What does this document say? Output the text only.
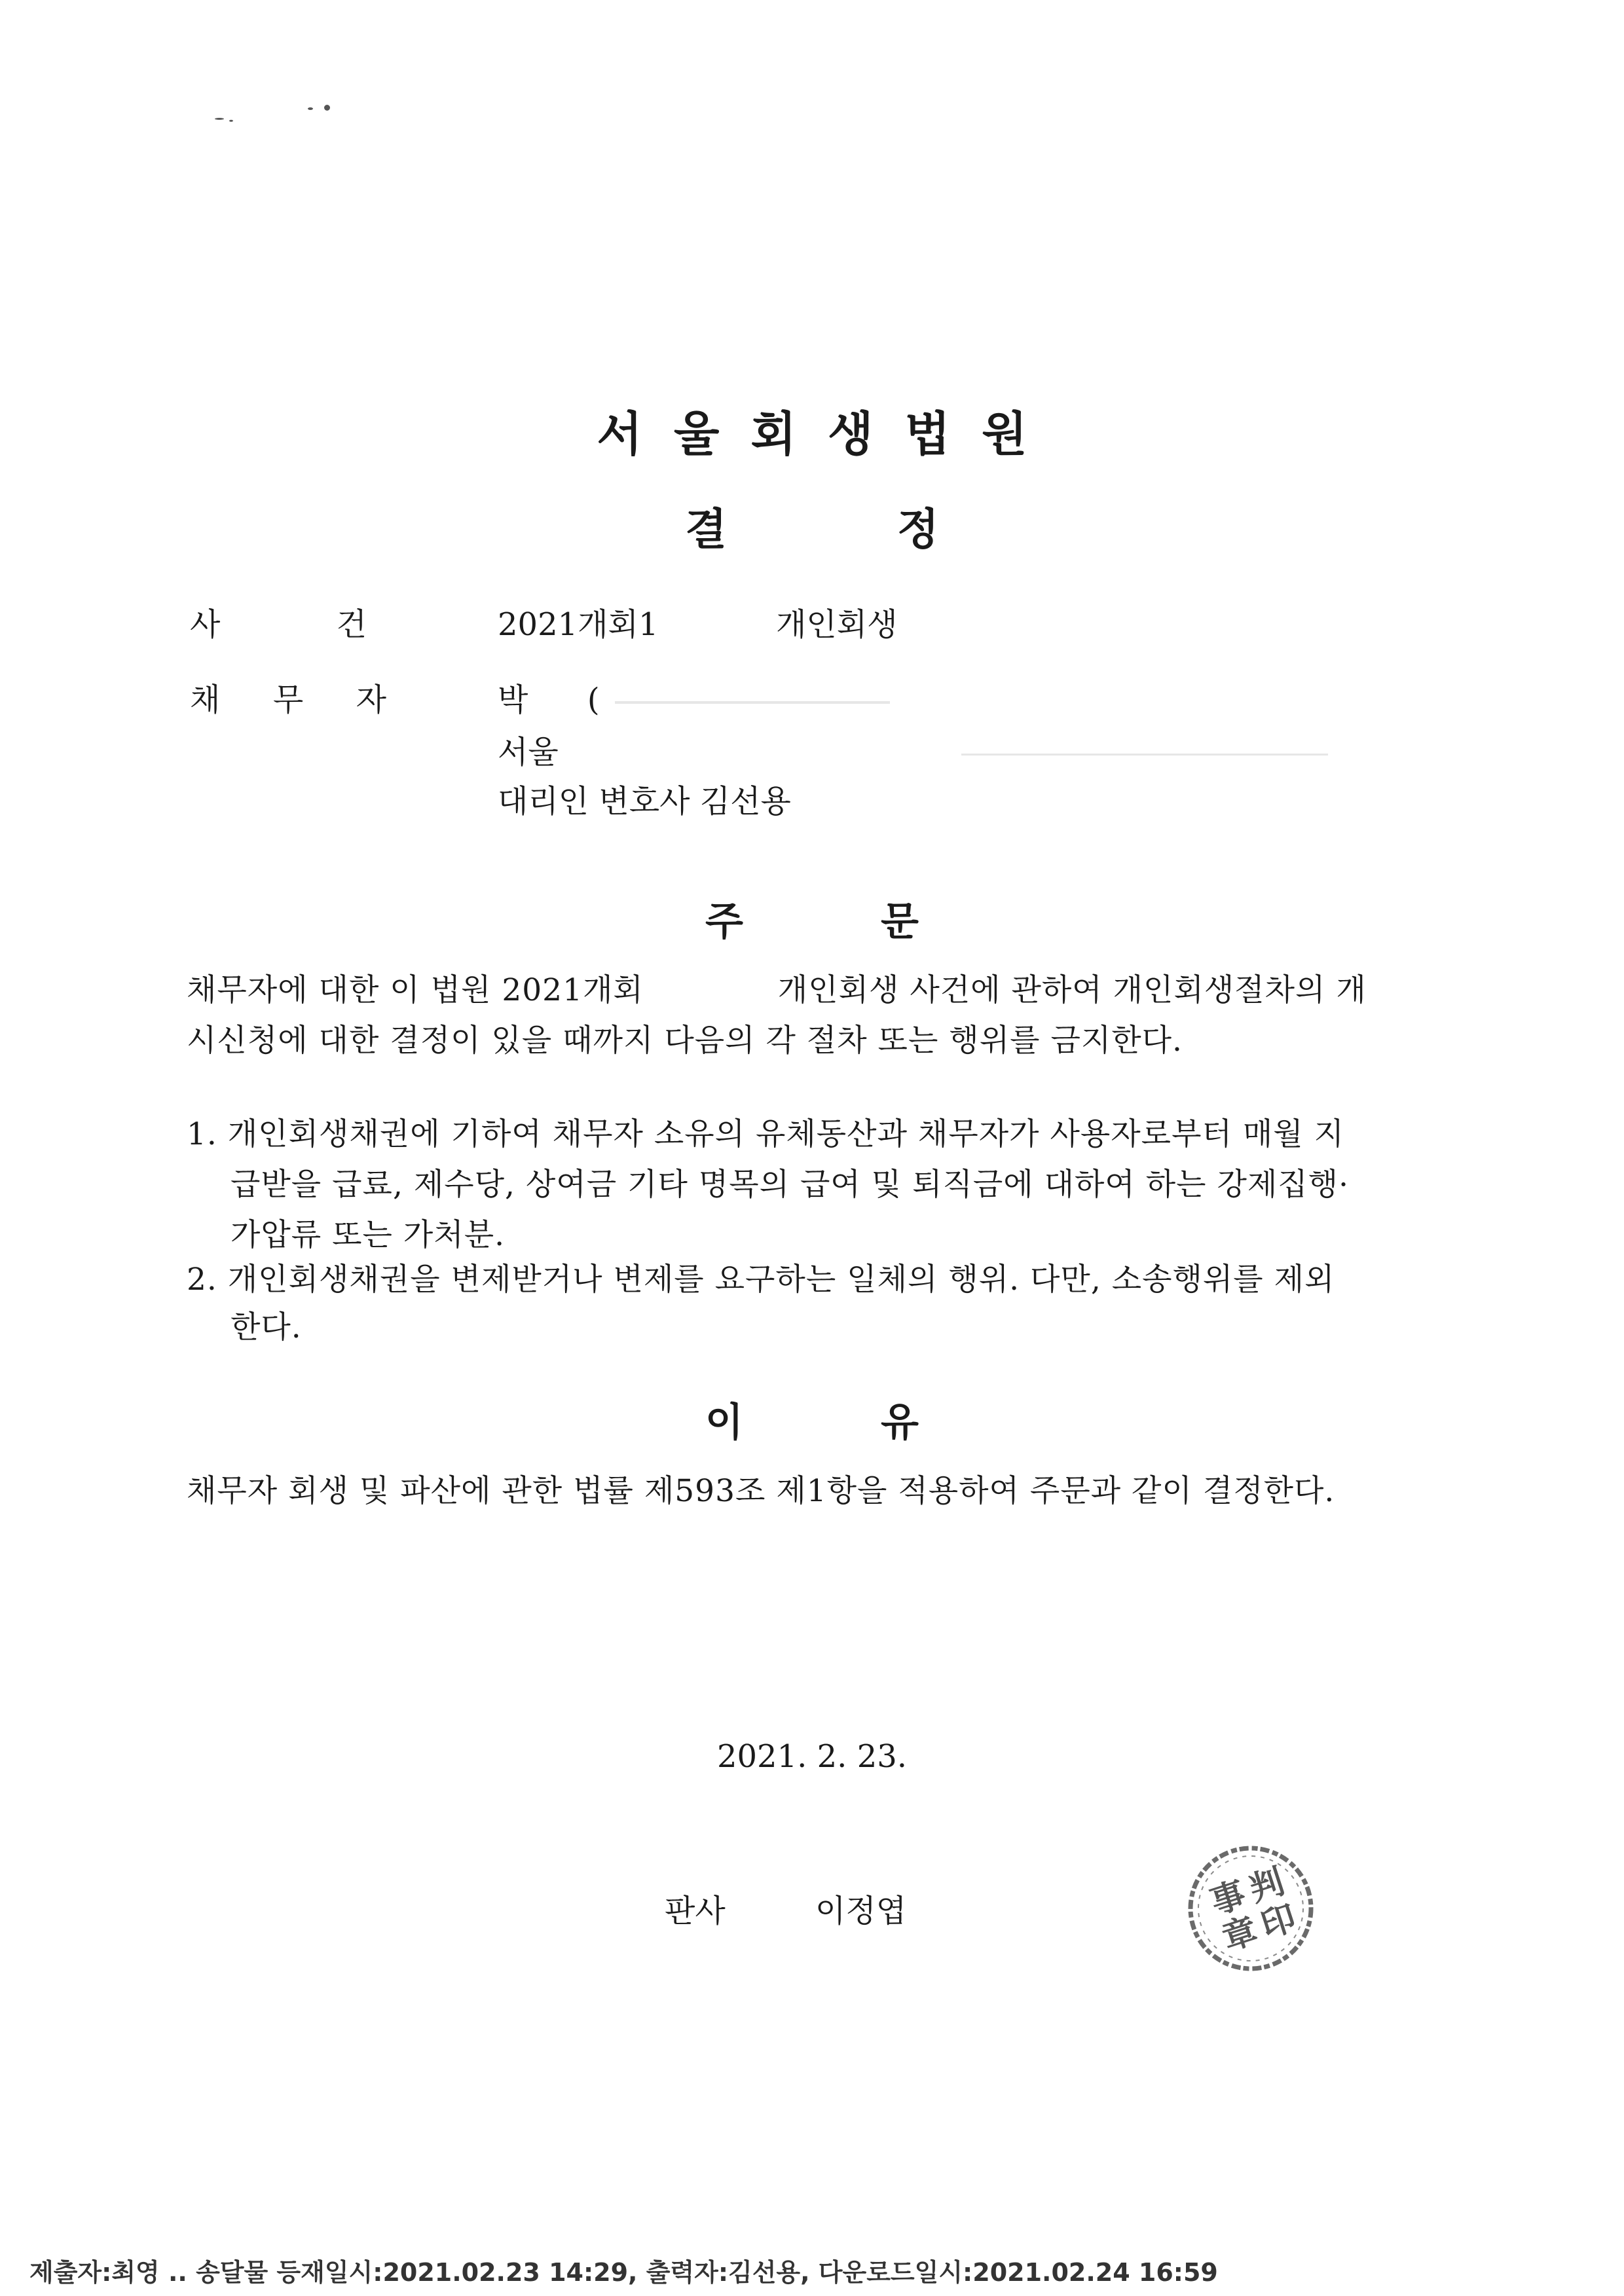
서울회생법원
결	정
사	건	2021개회1	개인회생
채 무 자	박 (
서울
대리인 변호사 김선용
주	문
채무자에 대한 이 법원 2021개회	개인회생 사건에 관하여 개인회생절차의 개
시신청에 대한 결정이 있을 때까지 다음의 각 절차 또는 행위를 금지한다.
1. 개인회생채권에 기하여 채무자 소유의 유체동산과 채무자가 사용자로부터 매월 지
급받을 급료, 제수당, 상여금 기타 명목의 급여 및 퇴직금에 대하여 하는 강제집행·
가압류 또는 가처분.
2. 개인회생채권을 변제받거나 변제를 요구하는 일체의 행위. 다만, 소송행위를 제외
한다.
이	유
채무자 회생 및 파산에 관한 법률 제593조 제1항을 적용하여 주문과 같이 결정한다.
2021. 2. 23.
판사	이정엽
判
事 印
章
제출자:최영 .. 송달물 등재일시:2021.02.23 14:29, 출력자:김선용, 다운로드일시:2021.02.24 16:59
